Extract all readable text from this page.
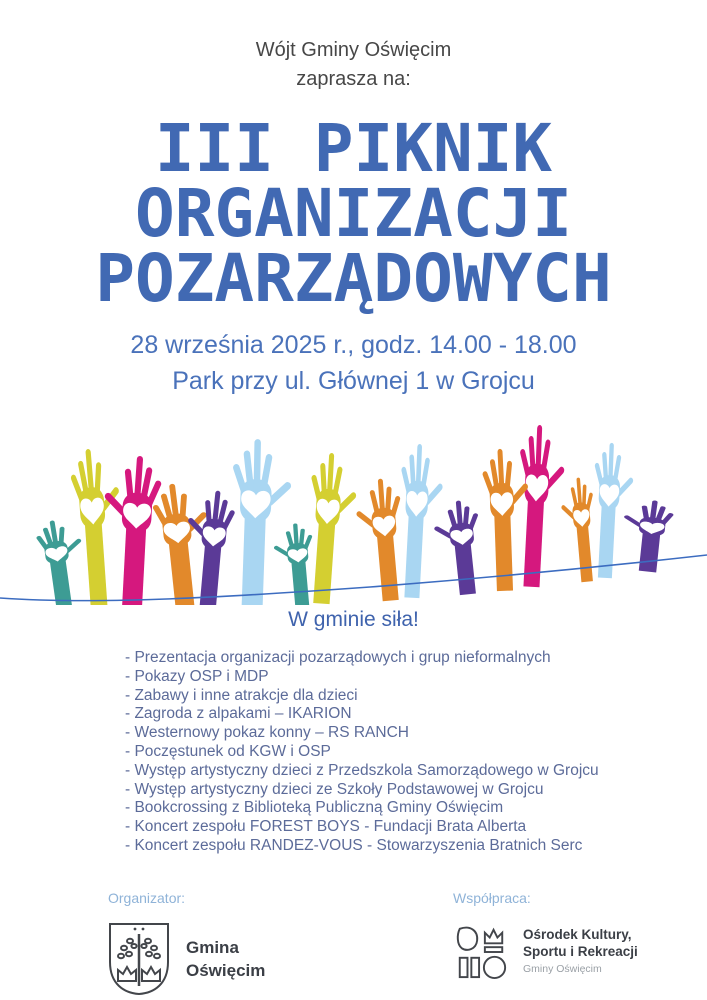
Wójt Gminy Oświęcim
zaprasza na:
III PIKNIK
ORGANIZACJI
POZARZĄDOWYCH
28 września 2025 r., godz. 14.00 - 18.00
Park przy ul. Głównej 1 w Grojcu
W gminie siła!
- Prezentacja organizacji pozarządowych i grup nieformalnych
- Pokazy OSP i MDP
- Zabawy i inne atrakcje dla dzieci
- Zagroda z alpakami – IKARION
- Westernowy pokaz konny – RS RANCH
- Poczęstunek od KGW i OSP
- Występ artystyczny dzieci z Przedszkola Samorządowego w Grojcu
- Występ artystyczny dzieci ze Szkoły Podstawowej w Grojcu
- Bookcrossing z Biblioteką Publiczną Gminy Oświęcim
- Koncert zespołu FOREST BOYS - Fundacji Brata Alberta
- Koncert zespołu RANDEZ-VOUS - Stowarzyszenia Bratnich Serc
Organizator:
Gmina
Oświęcim
Współpraca:
Ośrodek Kultury,
Sportu i Rekreacji
Gminy Oświęcim
